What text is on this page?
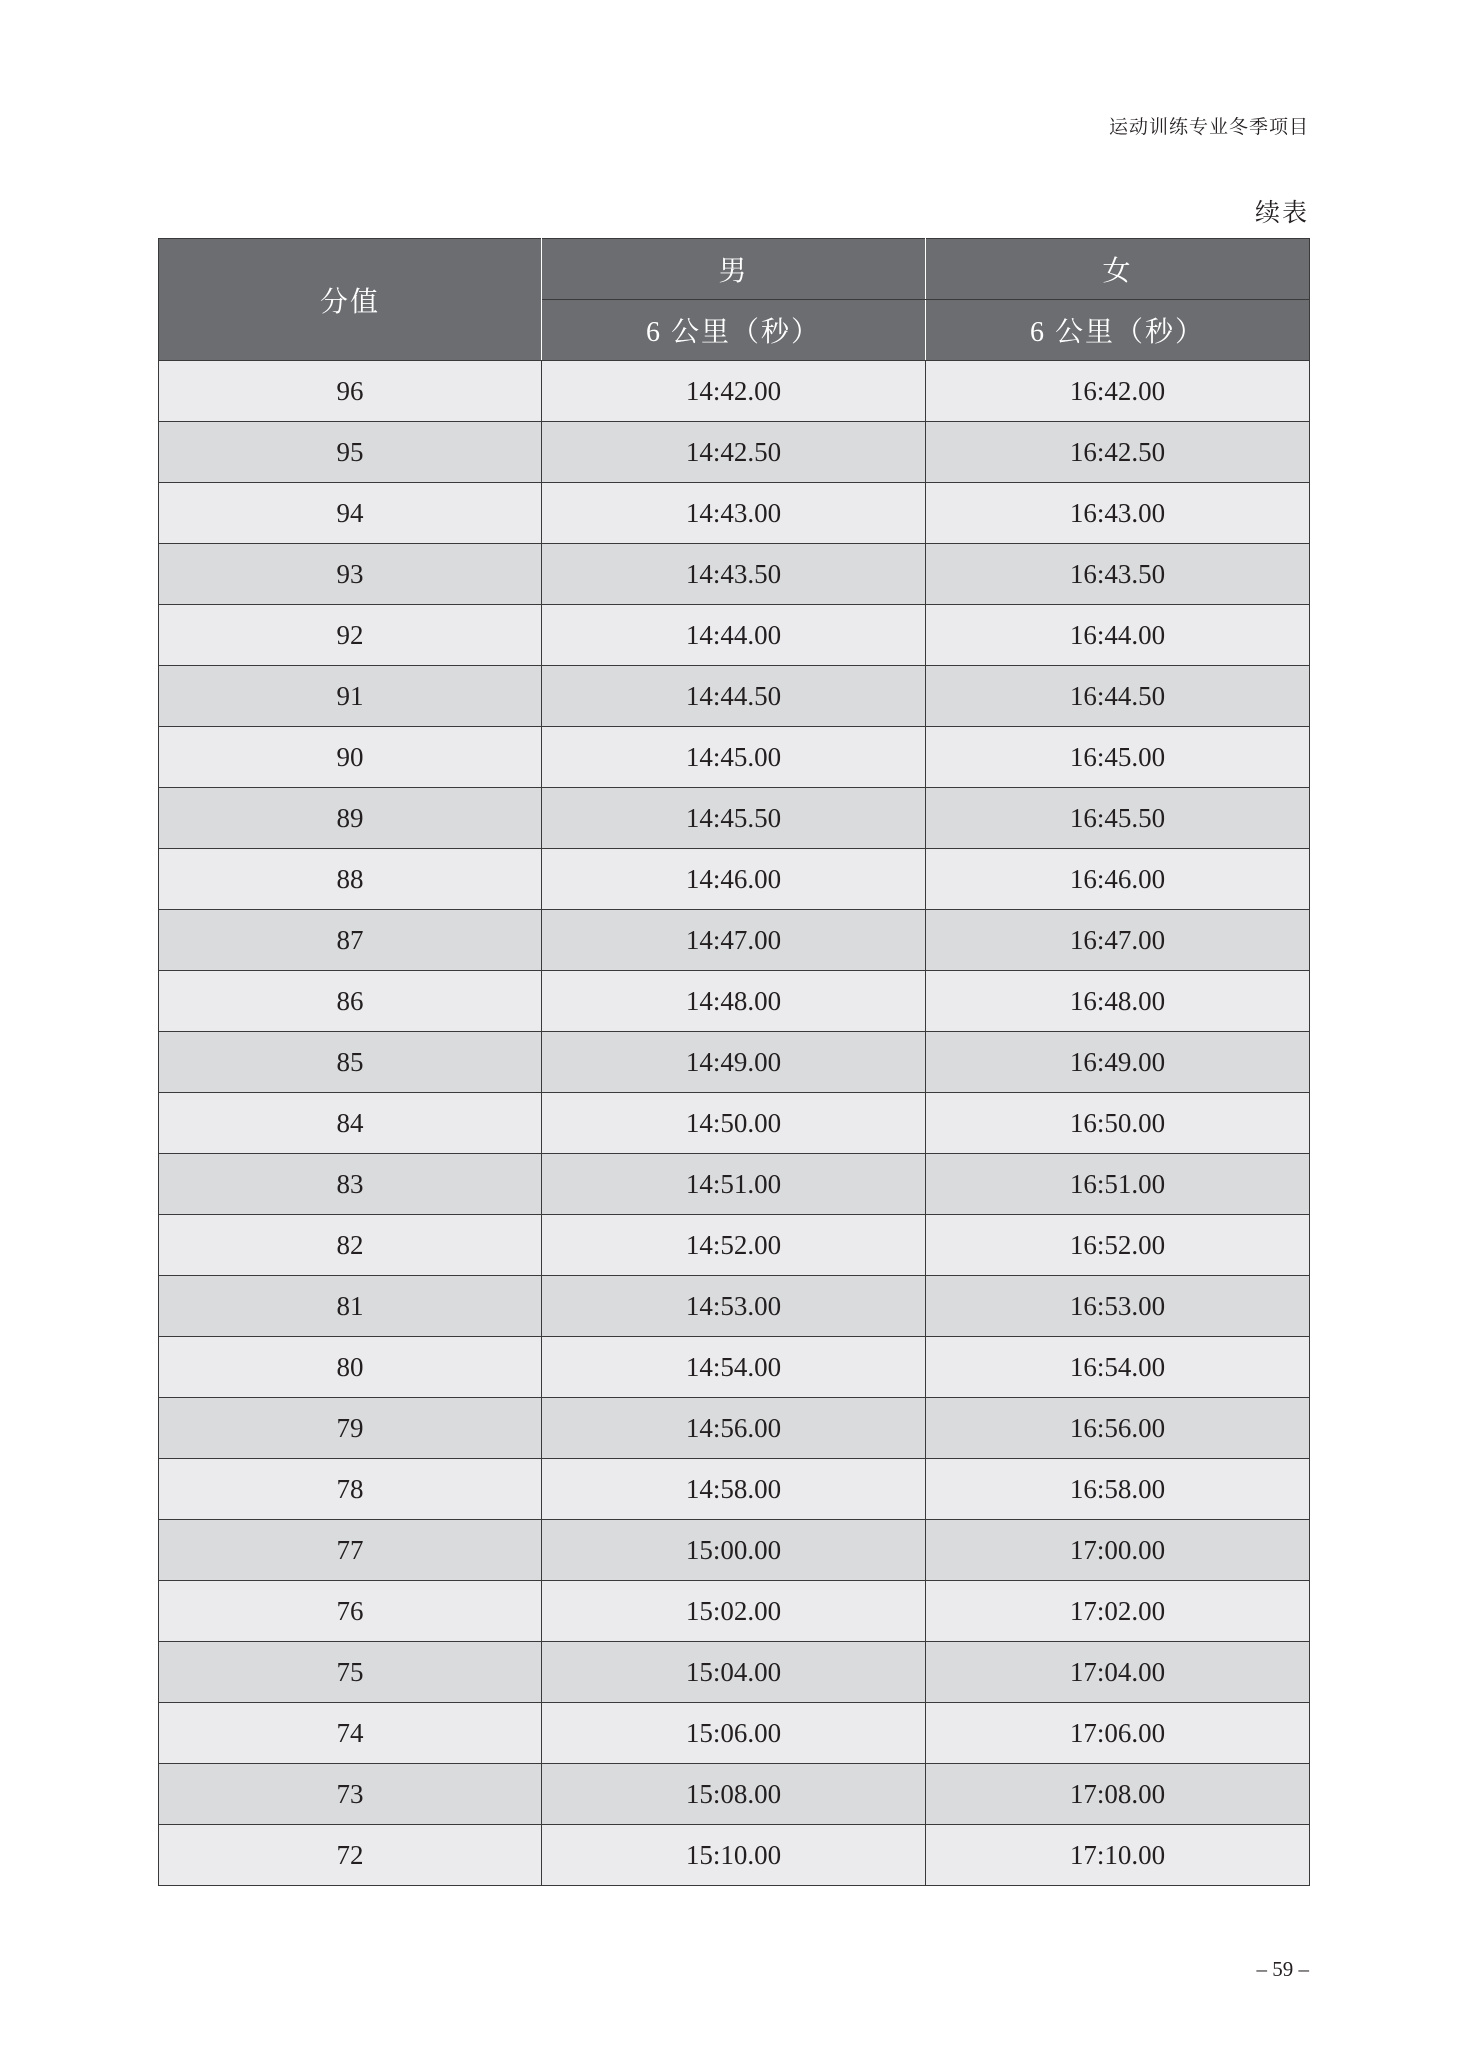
运动训练专业冬季项目
续表
分值	男	女
	6 公里（秒）	6 公里（秒）
96	14:42.00	16:42.00
95	14:42.50	16:42.50
94	14:43.00	16:43.00
93	14:43.50	16:43.50
92	14:44.00	16:44.00
91	14:44.50	16:44.50
90	14:45.00	16:45.00
89	14:45.50	16:45.50
88	14:46.00	16:46.00
87	14:47.00	16:47.00
86	14:48.00	16:48.00
85	14:49.00	16:49.00
84	14:50.00	16:50.00
83	14:51.00	16:51.00
82	14:52.00	16:52.00
81	14:53.00	16:53.00
80	14:54.00	16:54.00
79	14:56.00	16:56.00
78	14:58.00	16:58.00
77	15:00.00	17:00.00
76	15:02.00	17:02.00
75	15:04.00	17:04.00
74	15:06.00	17:06.00
73	15:08.00	17:08.00
72	15:10.00	17:10.00
– 59 –
